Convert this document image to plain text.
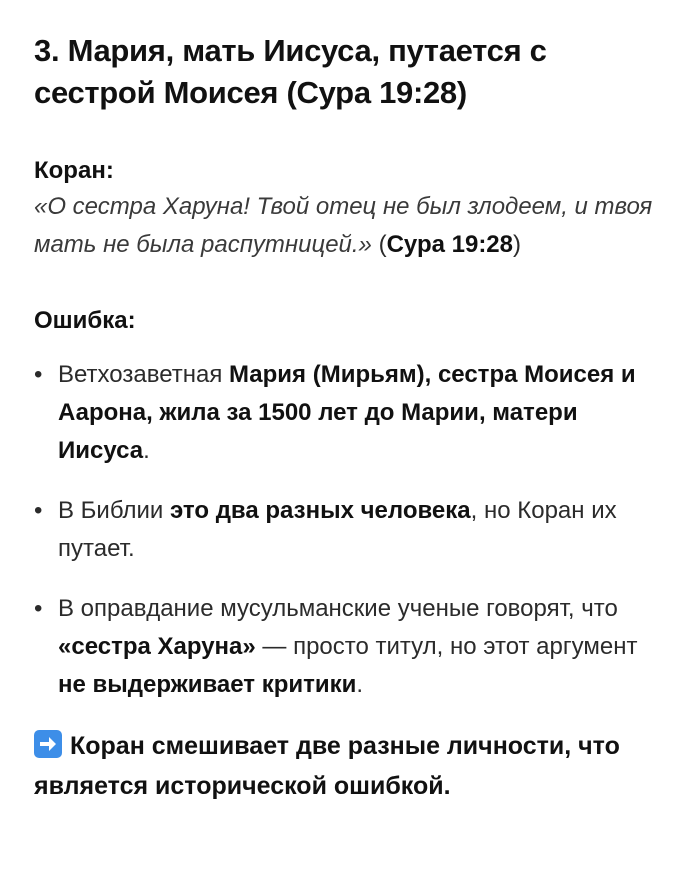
3. Мария, мать Иисуса, путается с сестрой Моисея (Сура 19:28)

Коран:

«О сестра Харуна! Твой отец не был злодеем, и твоя мать не была распутницей.» (Сура 19:28)

Ошибка:

• Ветхозаветная Мария (Мирьям), сестра Моисея и Аарона, жила за 1500 лет до Марии, матери Иисуса.
• В Библии это два разных человека, но Коран их путает.
• В оправдание мусульманские ученые говорят, что «сестра Харуна» — просто титул, но этот аргумент не выдерживает критики.
Коран смешивает две разные личности, что является исторической ошибкой.
